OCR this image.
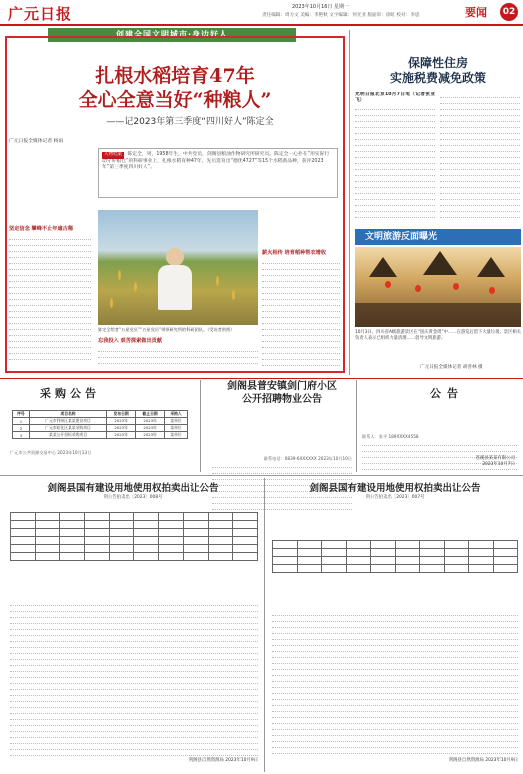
广元日报	2023年10月16日 星期一
责任编辑：周方文 美编：李艳秋 文字编辑：何光亚 版面审：徐虹 校对：李思	要闻	02
创建全国文明城市·身边好人
扎根水稻培育47年
全心全意当好“种粮人”
——记2023年第三季度“四川好人”陈定全
广元日报全媒体记者 杨雨
坚定信念 攀峰不止年逾古稀
人物档案 陈定全，男，1958年生，中共党员，剑阁县粮油作物研究所研究员。陈定全一心扑在“用实际行动守好粮仓”的科研事业上，扎根水稻育种47年，先后选育出“德优4727”等15个水稻新品种，获评2023年“第三季度四川好人”。
陈定全给者“五星党员”“五星党员”带领研究所的科研团队。（受访者供图）
薪火相传 培育稻种帮农增收
忘我投入 艰苦探索做出贡献
保障性住房
实施税费减免政策
光明日报北京10月7日电（记者张亚飞）
文明旅游反面曝光
10月3日，四川省A级旅游景区在“国庆黄金周”中……在游览后留下大量垃圾；景区相关负责人表示已组织力量清理……倡导文明旅游。
广元日报全媒体记者 胡善林 摄
采购公告
序号	项目名称	发布日期	截止日期	采购人
1	广元市利州区某某建设项目	2023年	2023年	某单位
2	广元市昭化区某某采购项目	2023年	2023年	某单位
3	某某公开招标采购项目	2023年	2023年	某单位
广元市公共资源交易中心 2023年10月13日
剑阁县普安镇剑门府小区
公开招聘物业公告
联系电话：0839-6XXXXXX 2023年10月10日
公告
联系人：张平 189XXXX4558
苍溪县某某有限公司
2023年10月7日
剑阁县国有建设用地使用权拍卖出让公告
剑公告拍卖出〔2023〕008号

剑阁县自然资源局 2023年10月9日
剑阁县国有建设用地使用权拍卖出让公告
剑公告拍卖出〔2023〕007号

剑阁县自然资源局 2023年10月9日
